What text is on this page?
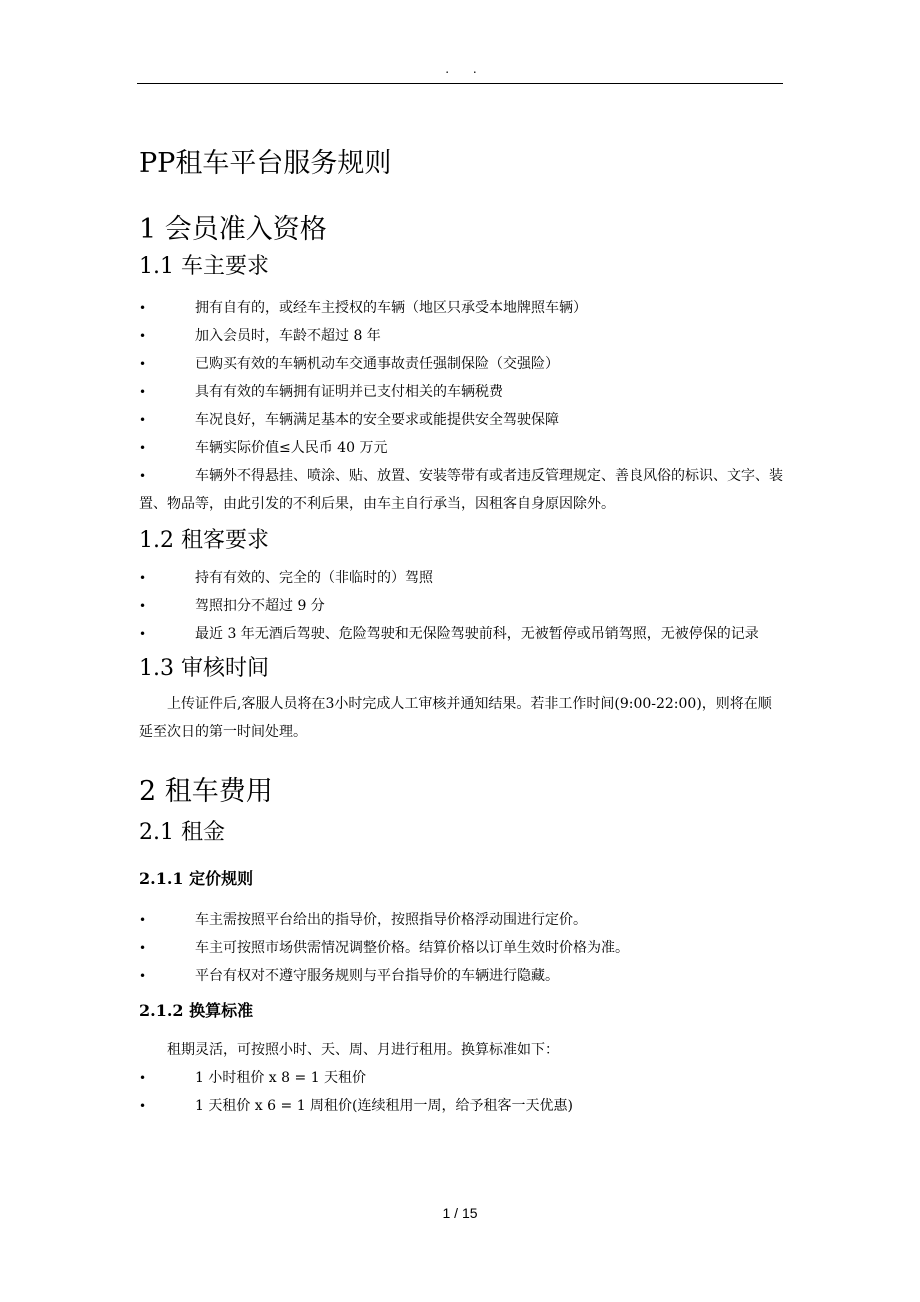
. .
PP租车平台服务规则
1 会员准入资格
1.1 车主要求
• 拥有自有的，或经车主授权的车辆（地区只承受本地牌照车辆）
• 加入会员时，车龄不超过 8 年
• 已购买有效的车辆机动车交通事故责任强制保险（交强险）
• 具有有效的车辆拥有证明并已支付相关的车辆税费
• 车况良好，车辆满足基本的安全要求或能提供安全驾驶保障
• 车辆实际价值≤人民币 40 万元
• 车辆外不得悬挂、喷涂、贴、放置、安装等带有或者违反管理规定、善良风俗的标识、文字、装置、物品等，由此引发的不利后果，由车主自行承当，因租客自身原因除外。
1.2 租客要求
• 持有有效的、完全的（非临时的）驾照
• 驾照扣分不超过 9 分
• 最近 3 年无酒后驾驶、危险驾驶和无保险驾驶前科，无被暂停或吊销驾照，无被停保的记录
1.3 审核时间

上传证件后,客服人员将在3小时完成人工审核并通知结果。若非工作时间(9:00-22:00)，则将在顺延至次日的第一时间处理。

2 租车费用
2.1 租金
2.1.1 定价规则
• 车主需按照平台给出的指导价，按照指导价格浮动围进行定价。
• 车主可按照市场供需情况调整价格。结算价格以订单生效时价格为准。
• 平台有权对不遵守服务规则与平台指导价的车辆进行隐藏。
2.1.2 换算标准

租期灵活，可按照小时、天、周、月进行租用。换算标准如下：

• 1 小时租价 x 8 = 1 天租价
• 1 天租价 x 6 = 1 周租价(连续租用一周，给予租客一天优惠)
1 / 15
